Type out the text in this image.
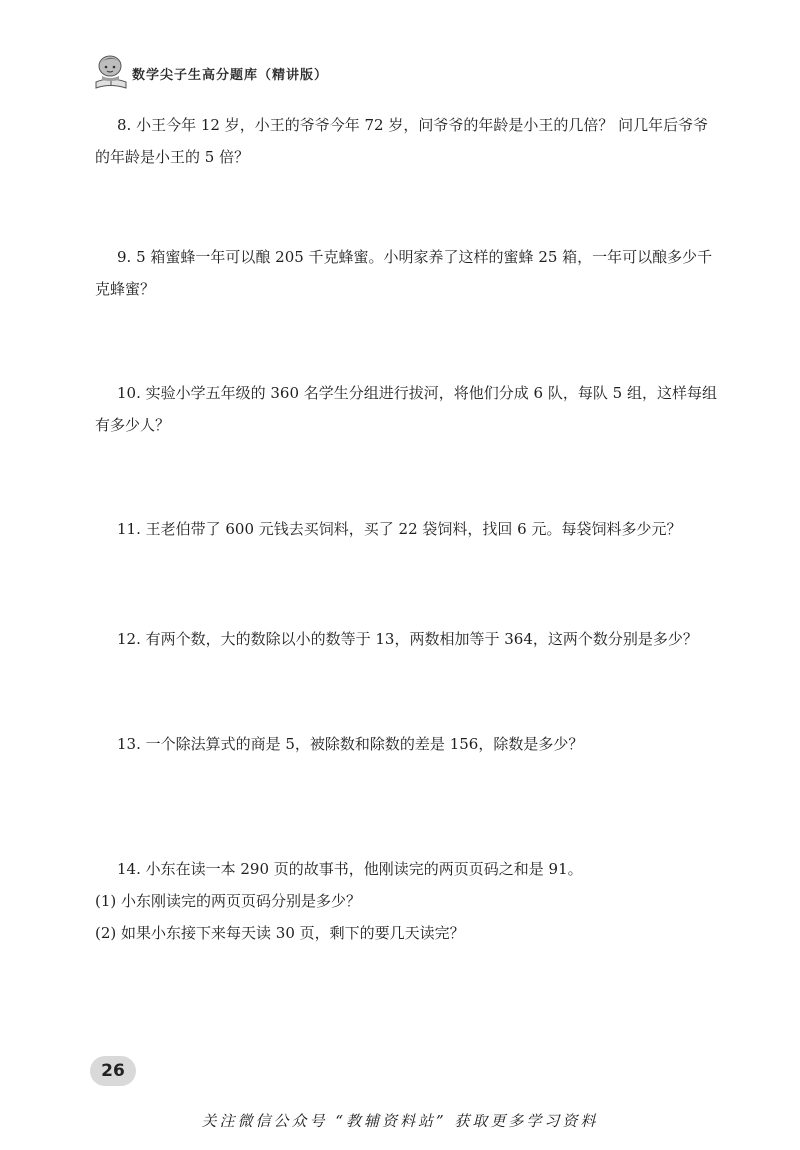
数学尖子生高分题库（精讲版）
8. 小王今年 12 岁，小王的爷爷今年 72 岁，问爷爷的年龄是小王的几倍？ 问几年后爷爷
的年龄是小王的 5 倍？
9. 5 箱蜜蜂一年可以酿 205 千克蜂蜜。小明家养了这样的蜜蜂 25 箱，一年可以酿多少千
克蜂蜜？
10. 实验小学五年级的 360 名学生分组进行拔河，将他们分成 6 队，每队 5 组，这样每组
有多少人？
11. 王老伯带了 600 元钱去买饲料，买了 22 袋饲料，找回 6 元。每袋饲料多少元？
12. 有两个数，大的数除以小的数等于 13，两数相加等于 364，这两个数分别是多少？
13. 一个除法算式的商是 5，被除数和除数的差是 156，除数是多少？
14. 小东在读一本 290 页的故事书，他刚读完的两页页码之和是 91。
(1) 小东刚读完的两页页码分别是多少？
(2) 如果小东接下来每天读 30 页，剩下的要几天读完？
26
关注微信公众号 “教辅资料站” 获取更多学习资料
